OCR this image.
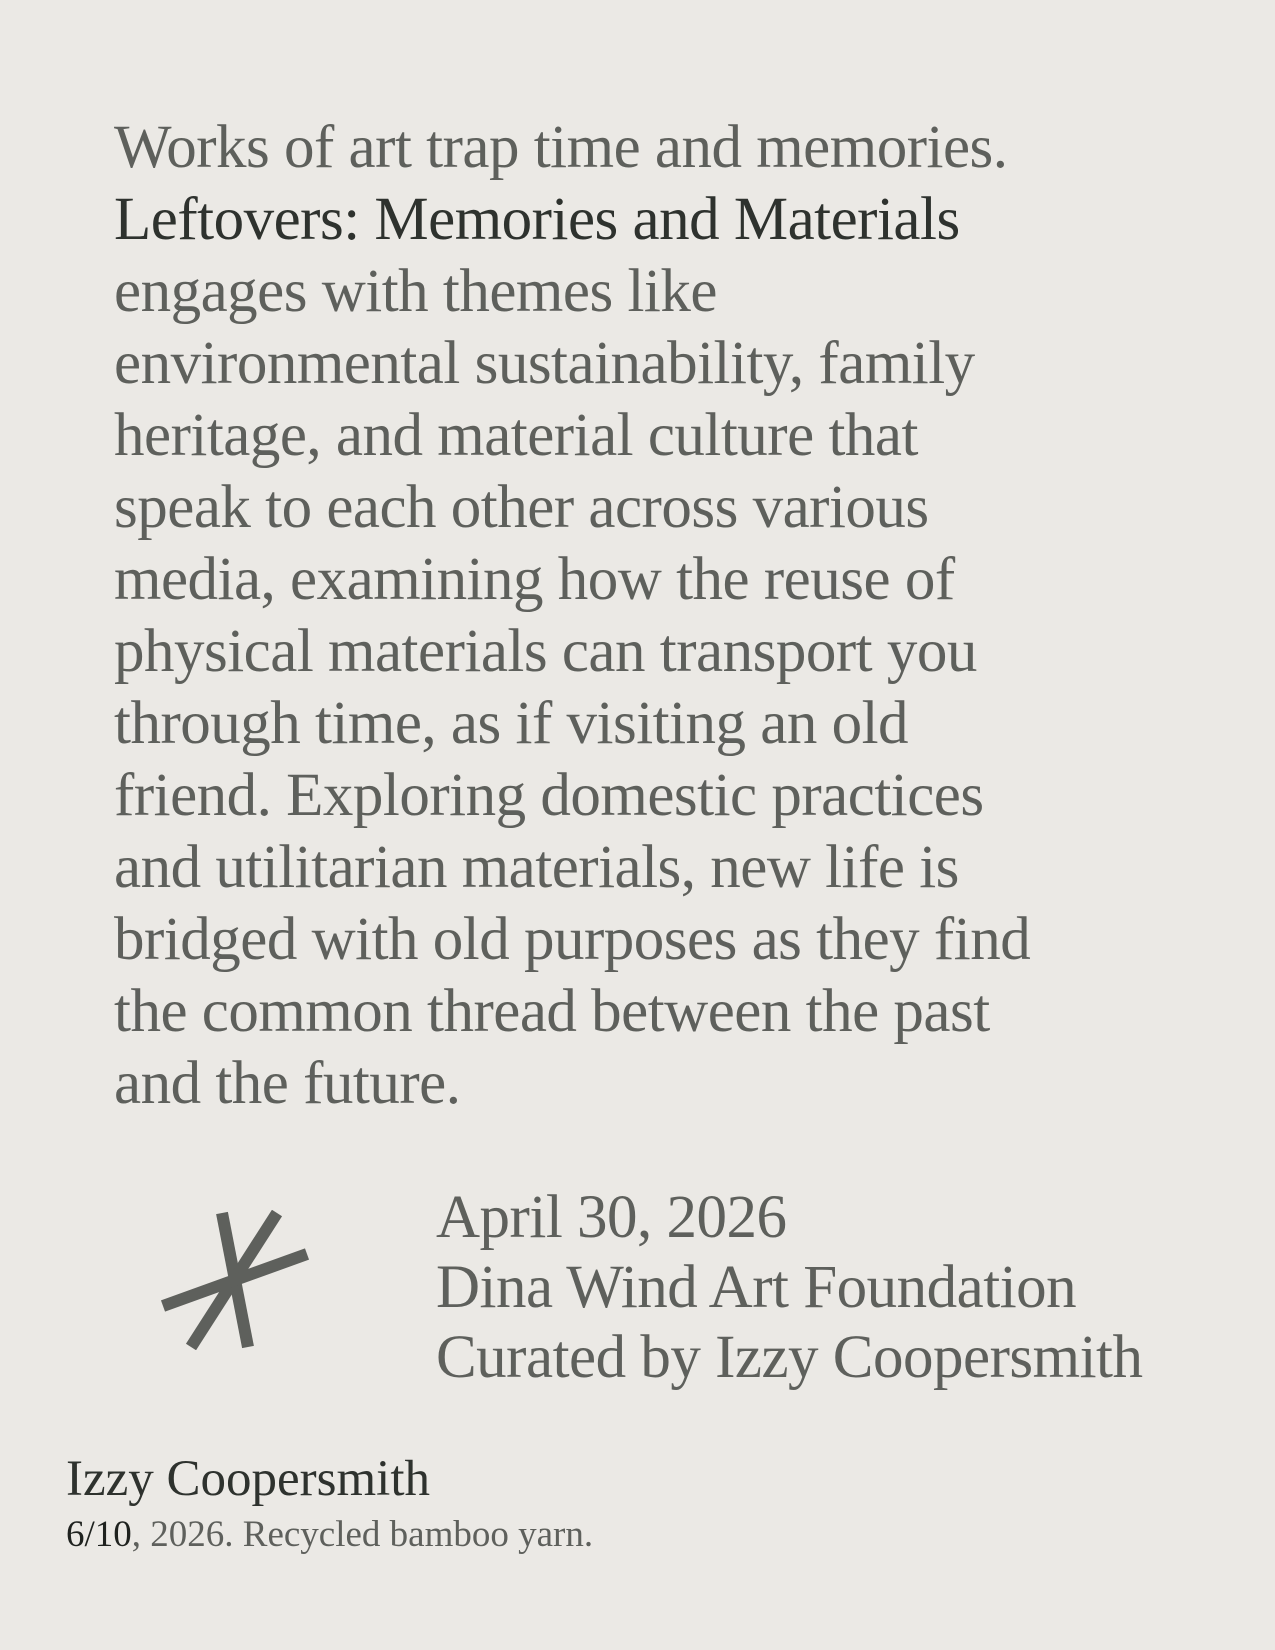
Works of art trap time and memories.
Leftovers: Memories and Materials
engages with themes like
environmental sustainability, family
heritage, and material culture that
speak to each other across various
media, examining how the reuse of
physical materials can transport you
through time, as if visiting an old
friend. Exploring domestic practices
and utilitarian materials, new life is
bridged with old purposes as they find
the common thread between the past
and the future.

April 30, 2026
Dina Wind Art Foundation
Curated by Izzy Coopersmith
Izzy Coopersmith
6/10, 2026. Recycled bamboo yarn.
